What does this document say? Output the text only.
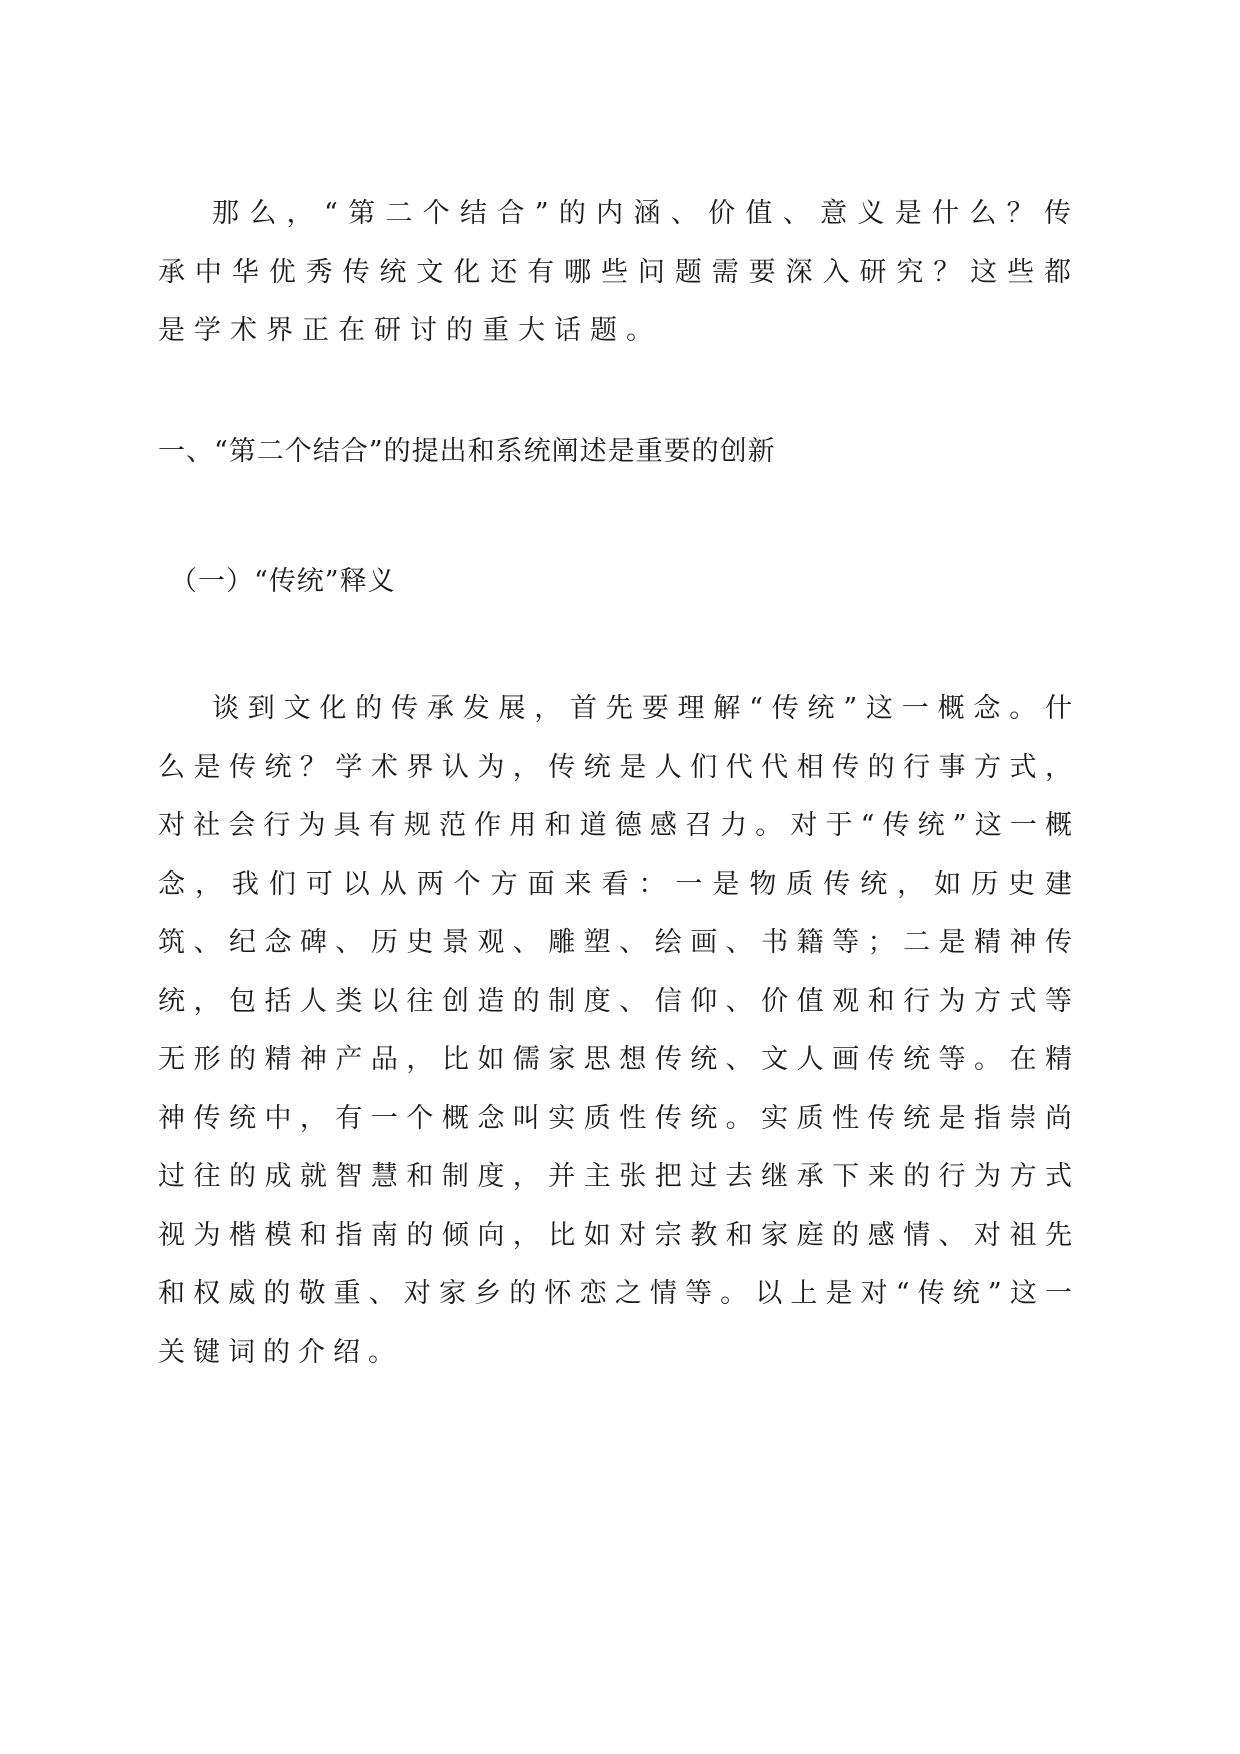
那么，“第二个结合”的内涵、价值、意义是什么？传承中华优秀传统文化还有哪些问题需要深入研究？这些都是学术界正在研讨的重大话题。

一、“第二个结合”的提出和系统阐述是重要的创新

（一）“传统”释义

谈到文化的传承发展，首先要理解“传统”这一概念。什么是传统？学术界认为，传统是人们代代相传的行事方式，对社会行为具有规范作用和道德感召力。对于“传统”这一概念，我们可以从两个方面来看：一是物质传统，如历史建筑、纪念碑、历史景观、雕塑、绘画、书籍等；二是精神传统，包括人类以往创造的制度、信仰、价值观和行为方式等无形的精神产品，比如儒家思想传统、文人画传统等。在精神传统中，有一个概念叫实质性传统。实质性传统是指崇尚过往的成就智慧和制度，并主张把过去继承下来的行为方式视为楷模和指南的倾向，比如对宗教和家庭的感情、对祖先和权威的敬重、对家乡的怀恋之情等。以上是对“传统”这一关键词的介绍。
